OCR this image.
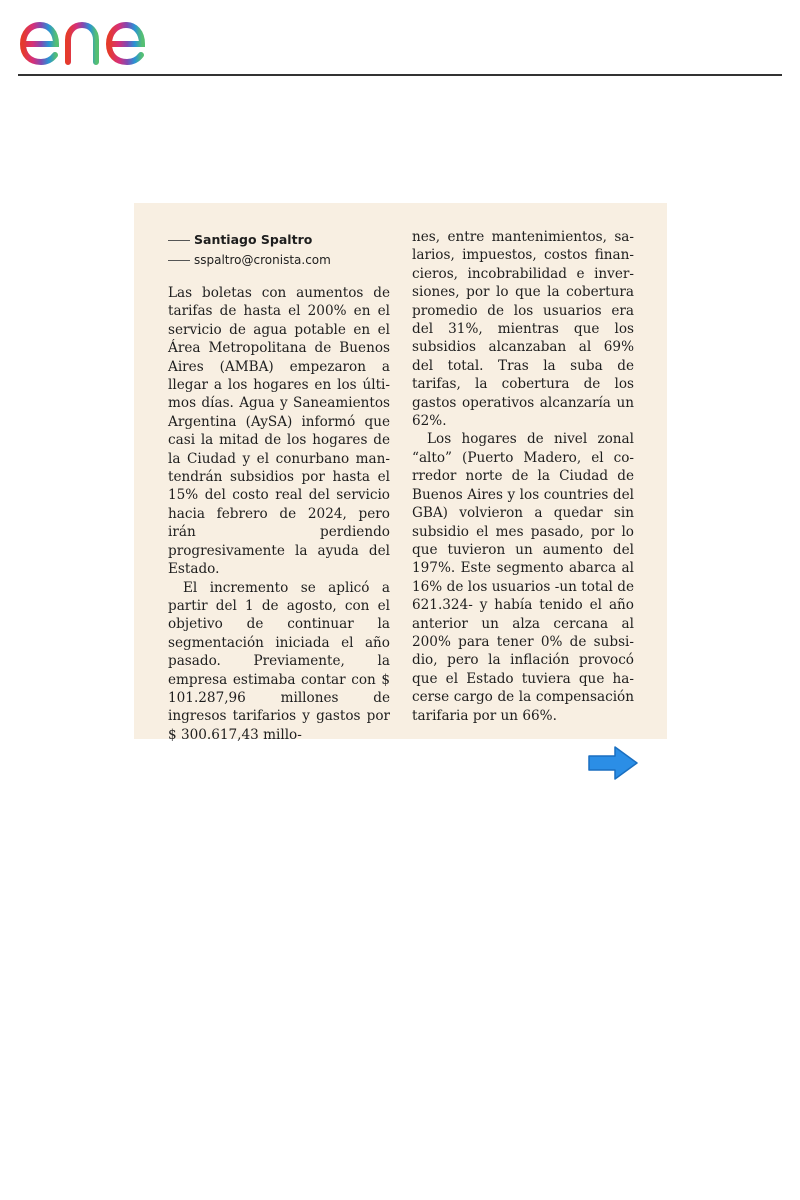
Santiago Spaltro
sspaltro@cronista.com

Las boletas con aumentos de tarifas de hasta el 200% en el servicio de agua potable en el Área Metropolitana de Buenos Aires (AMBA) empezaron a llegar a los hogares en los últimos días. Agua y Saneamientos Argentina (AySA) informó que casi la mitad de los hogares de la Ciudad y el conurbano mantendrán subsidios por hasta el 15% del costo real del servicio hacia febrero de 2024, pero irán perdiendo progresivamente la ayuda del Estado.

El incremento se aplicó a partir del 1 de agosto, con el objetivo de continuar la segmentación iniciada el año pasado. Previamente, la empresa estimaba contar con $ 101.287,96 millones de ingresos tarifarios y gastos por $ 300.617,43 millo-

nes, entre mantenimientos, salarios, impuestos, costos financieros, incobrabilidad e inversiones, por lo que la cobertura promedio de los usuarios era del 31%, mientras que los subsidios alcanzaban al 69% del total. Tras la suba de tarifas, la cobertura de los gastos operativos alcanzaría un 62%.

Los hogares de nivel zonal “alto” (Puerto Madero, el corredor norte de la Ciudad de Buenos Aires y los countries del GBA) volvieron a quedar sin subsidio el mes pasado, por lo que tuvieron un aumento del 197%. Este segmento abarca al 16% de los usuarios -un total de 621.324- y había tenido el año anterior un alza cercana al 200% para tener 0% de subsidio, pero la inflación provocó que el Estado tuviera que hacerse cargo de la compensación tarifaria por un 66%.
